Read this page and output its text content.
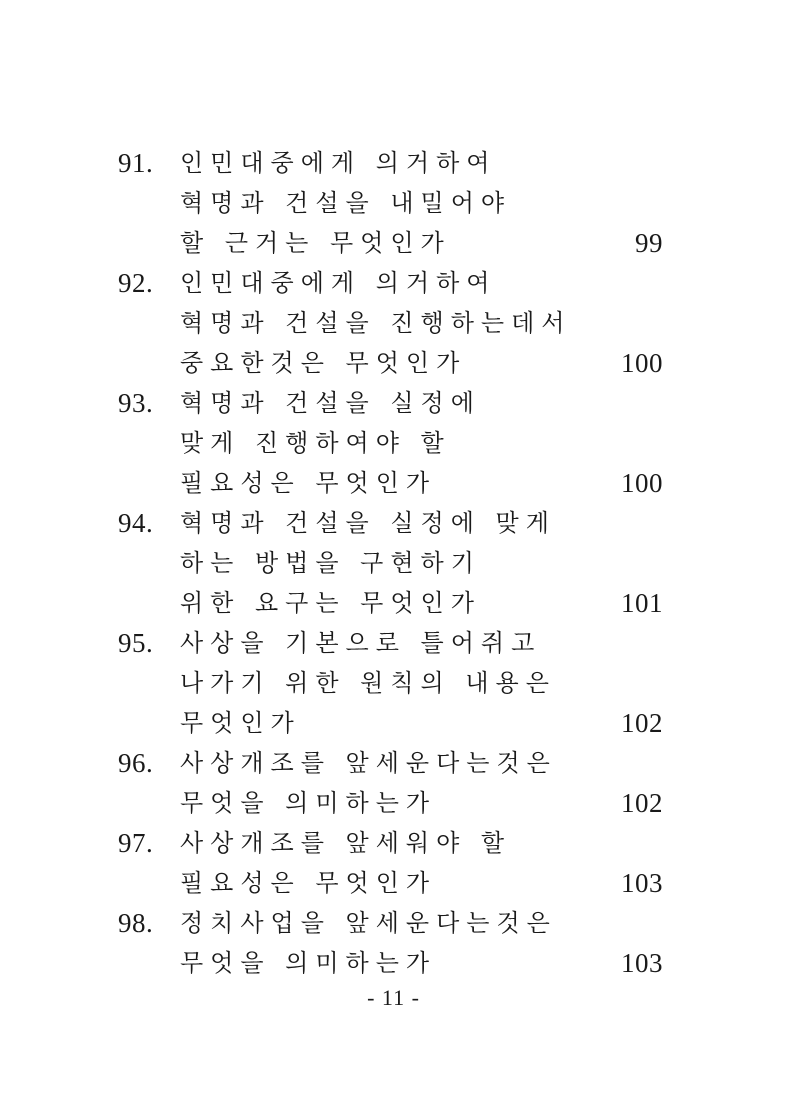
91.	인민대중에게 의거하여
혁명과 건설을 내밀어야
할 근거는 무엇인가	99
92.	인민대중에게 의거하여
혁명과 건설을 진행하는데서
중요한것은 무엇인가	100
93.	혁명과 건설을 실정에
맞게 진행하여야 할
필요성은 무엇인가	100
94.	혁명과 건설을 실정에 맞게
하는 방법을 구현하기
위한 요구는 무엇인가	101
95.	사상을 기본으로 틀어쥐고
나가기 위한 원칙의 내용은
무엇인가	102
96.	사상개조를 앞세운다는것은
무엇을 의미하는가	102
97.	사상개조를 앞세워야 할
필요성은 무엇인가	103
98.	정치사업을 앞세운다는것은
무엇을 의미하는가	103
- 11 -
